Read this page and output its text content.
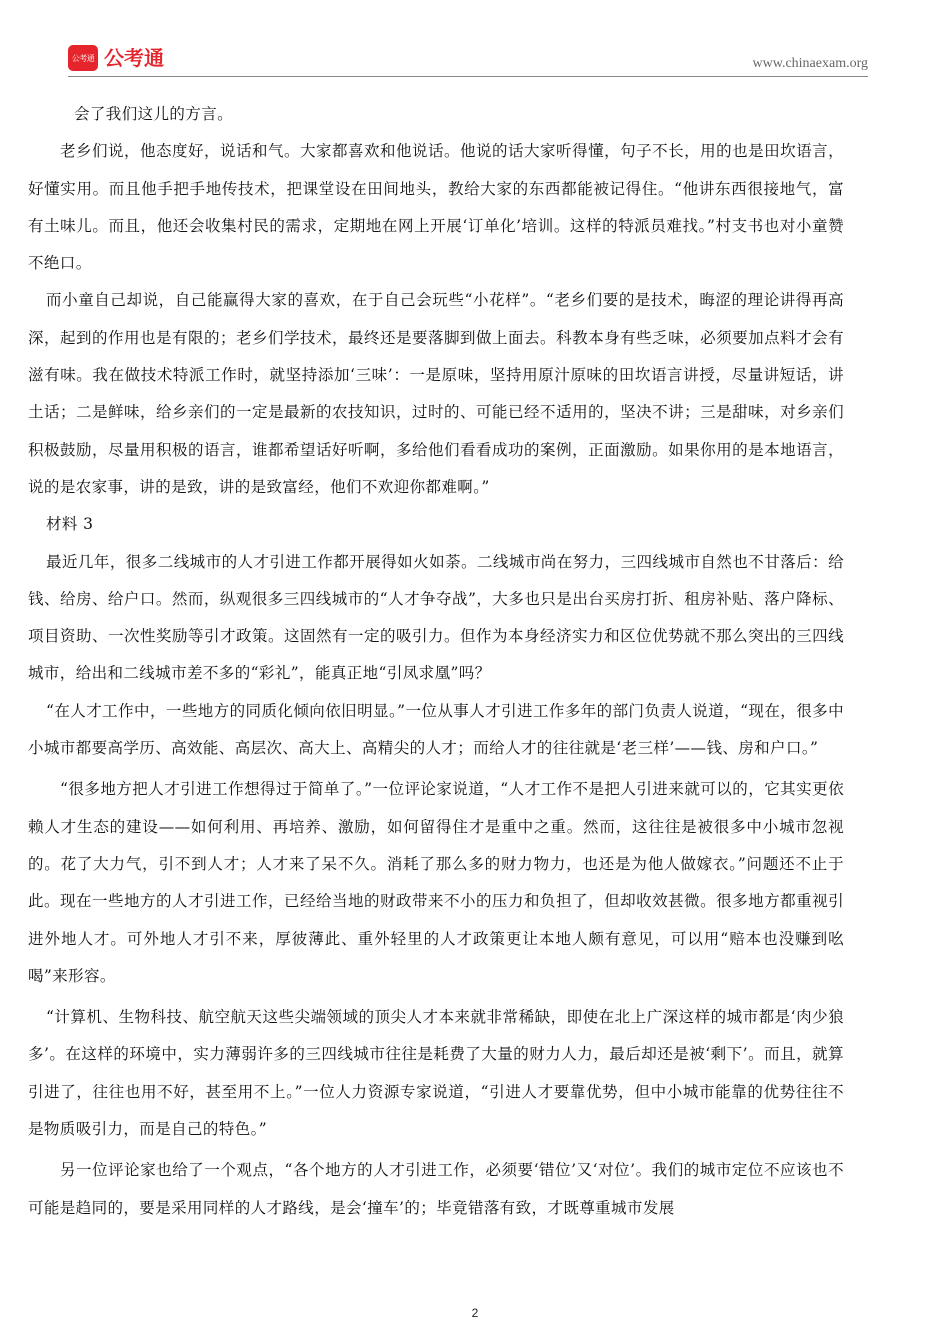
公考通 公考通	www.chinaexam.org

会了我们这儿的方言。

老乡们说，他态度好，说话和气。大家都喜欢和他说话。他说的话大家听得懂，句子不长，用的也是田坎语言，好懂实用。而且他手把手地传技术，把课堂设在田间地头，教给大家的东西都能被记得住。“他讲东西很接地气，富有土味儿。而且，他还会收集村民的需求，定期地在网上开展‘订单化’培训。这样的特派员难找。”村支书也对小童赞不绝口。

而小童自己却说，自己能赢得大家的喜欢，在于自己会玩些“小花样”。“老乡们要的是技术，晦涩的理论讲得再高深，起到的作用也是有限的；老乡们学技术，最终还是要落脚到做上面去。科教本身有些乏味，必须要加点料才会有滋有味。我在做技术特派工作时，就坚持添加‘三味’：一是原味，坚持用原汁原味的田坎语言讲授，尽量讲短话，讲土话；二是鲜味，给乡亲们的一定是最新的农技知识，过时的、可能已经不适用的，坚决不讲；三是甜味，对乡亲们积极鼓励，尽量用积极的语言，谁都希望话好听啊，多给他们看看成功的案例，正面激励。如果你用的是本地语言，说的是农家事，讲的是致，讲的是致富经，他们不欢迎你都难啊。”

材料 3

最近几年，很多二线城市的人才引进工作都开展得如火如荼。二线城市尚在努力，三四线城市自然也不甘落后：给钱、给房、给户口。然而，纵观很多三四线城市的“人才争夺战”，大多也只是出台买房打折、租房补贴、落户降标、项目资助、一次性奖励等引才政策。这固然有一定的吸引力。但作为本身经济实力和区位优势就不那么突出的三四线城市，给出和二线城市差不多的“彩礼”，能真正地“引凤求凰”吗？

“在人才工作中，一些地方的同质化倾向依旧明显。”一位从事人才引进工作多年的部门负责人说道，“现在，很多中小城市都要高学历、高效能、高层次、高大上、高精尖的人才；而给人才的往往就是‘老三样’——钱、房和户口。”

“很多地方把人才引进工作想得过于简单了。”一位评论家说道，“人才工作不是把人引进来就可以的，它其实更依赖人才生态的建设——如何利用、再培养、激励，如何留得住才是重中之重。然而，这往往是被很多中小城市忽视的。花了大力气，引不到人才；人才来了呆不久。消耗了那么多的财力物力，也还是为他人做嫁衣。”问题还不止于此。现在一些地方的人才引进工作，已经给当地的财政带来不小的压力和负担了，但却收效甚微。很多地方都重视引进外地人才。可外地人才引不来，厚彼薄此、重外轻里的人才政策更让本地人颇有意见，可以用“赔本也没赚到吆喝”来形容。

“计算机、生物科技、航空航天这些尖端领域的顶尖人才本来就非常稀缺，即使在北上广深这样的城市都是‘肉少狼多’。在这样的环境中，实力薄弱许多的三四线城市往往是耗费了大量的财力人力，最后却还是被‘剩下’。而且，就算引进了，往往也用不好，甚至用不上。”一位人力资源专家说道，“引进人才要靠优势，但中小城市能靠的优势往往不是物质吸引力，而是自己的特色。”

另一位评论家也给了一个观点，“各个地方的人才引进工作，必须要‘错位’又‘对位’。我们的城市定位不应该也不可能是趋同的，要是采用同样的人才路线，是会‘撞车’的；毕竟错落有致，才既尊重城市发展

2
